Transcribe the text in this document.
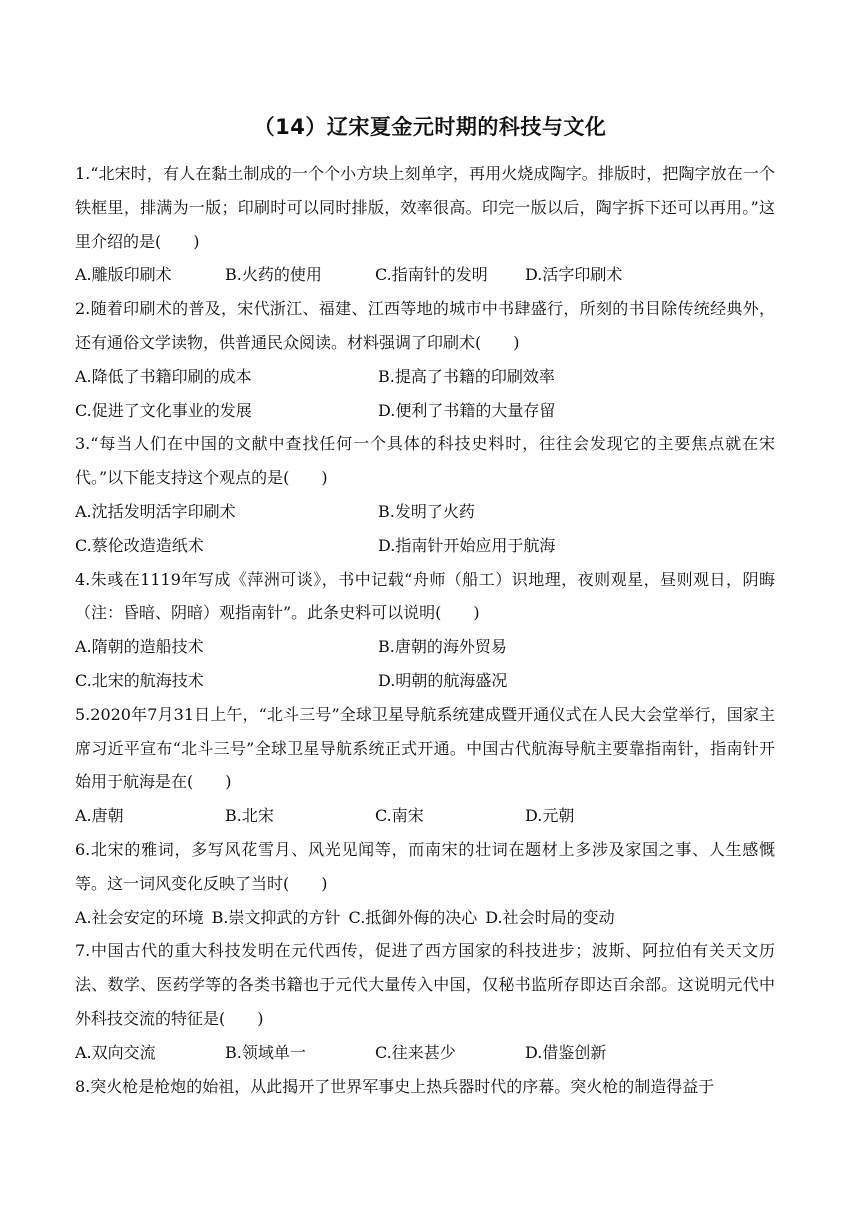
（14）辽宋夏金元时期的科技与文化

1.“北宋时，有人在黏土制成的一个个小方块上刻单字，再用火烧成陶字。排版时，把陶字放在一个铁框里，排满为一版；印刷时可以同时排版，效率很高。印完一版以后，陶字拆下还可以再用。”这里介绍的是(　　)

A.雕版印刷术	B.火药的使用	C.指南针的发明	D.活字印刷术

2.随着印刷术的普及，宋代浙江、福建、江西等地的城市中书肆盛行，所刻的书目除传统经典外，还有通俗文学读物，供普通民众阅读。材料强调了印刷术(　　)

A.降低了书籍印刷的成本	B.提高了书籍的印刷效率
C.促进了文化事业的发展	D.便利了书籍的大量存留

3.“每当人们在中国的文献中查找任何一个具体的科技史料时，往往会发现它的主要焦点就在宋代。”以下能支持这个观点的是(　　)

A.沈括发明活字印刷术	B.发明了火药
C.蔡伦改造造纸术	D.指南针开始应用于航海

4.朱彧在1119年写成《萍洲可谈》，书中记载“舟师（船工）识地理，夜则观星，昼则观日，阴晦（注：昏暗、阴暗）观指南针”。此条史料可以说明(　　)

A.隋朝的造船技术	B.唐朝的海外贸易
C.北宋的航海技术	D.明朝的航海盛况

5.2020年7月31日上午，“北斗三号”全球卫星导航系统建成暨开通仪式在人民大会堂举行，国家主席习近平宣布“北斗三号”全球卫星导航系统正式开通。中国古代航海导航主要靠指南针，指南针开始用于航海是在(　　)

A.唐朝	B.北宋	C.南宋	D.元朝

6.北宋的雅词，多写风花雪月、风光见闻等，而南宋的壮词在题材上多涉及家国之事、人生感慨等。这一词风变化反映了当时(　　)

A.社会安定的环境 B.崇文抑武的方针 C.抵御外侮的决心 D.社会时局的变动

7.中国古代的重大科技发明在元代西传，促进了西方国家的科技进步；波斯、阿拉伯有关天文历法、数学、医药学等的各类书籍也于元代大量传入中国，仅秘书监所存即达百余部。这说明元代中外科技交流的特征是(　　)

A.双向交流	B.领域单一	C.往来甚少	D.借鉴创新

8.突火枪是枪炮的始祖，从此揭开了世界军事史上热兵器时代的序幕。突火枪的制造得益于
